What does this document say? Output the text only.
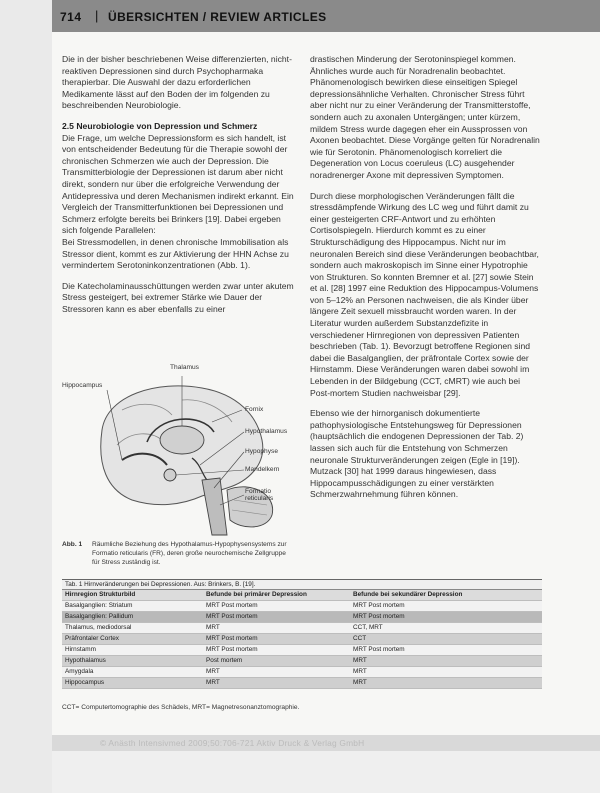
714 | ÜBERSICHTEN / REVIEW ARTICLES

Die in der bisher beschriebenen Weise differenzierten, nicht-reaktiven Depressionen sind durch Psychopharmaka therapierbar. Die Auswahl der dazu erforderlichen Medikamente lässt auf den Boden der im folgenden zu beschreibenden Neurobiologie.

2.5 Neurobiologie von Depression und Schmerz

Die Frage, um welche Depressionsform es sich handelt, ist von entscheidender Bedeutung für die Therapie sowohl der chronischen Schmerzen wie auch der Depression. Die Transmitterbiologie der Depressionen ist darum aber nicht direkt, sondern nur über die erfolgreiche Verwendung der Antidepressiva und deren Mechanismen indirekt erkannt. Ein Vergleich der Transmitterfunktionen bei Depressionen und Schmerz erfolgte bereits bei Brinkers [19]. Dabei ergeben sich folgende Parallelen:

Bei Stressmodellen, in denen chronische Immobilisation als Stressor dient, kommt es zur Aktivierung der HHN Achse zu vermindertem Serotoninkonzentrationen (Abb. 1).

Die Katecholaminausschüttungen werden zwar unter akutem Stress gesteigert, bei extremer Stärke wie Dauer der Stressoren kann es aber ebenfalls zu einer

drastischen Minderung der Serotoninspiegel kommen. Ähnliches wurde auch für Noradrenalin beobachtet. Phänomenologisch bewirken diese einseitigen Spiegel depressionsähnliche Verhalten. Chronischer Stress führt aber nicht nur zu einer Veränderung der Transmitterstoffe, sondern auch zu axonalen Untergängen; unter kürzem, mildem Stress wurde dagegen eher ein Aussprossen von Axonen beobachtet. Diese Vorgänge gelten für Noradrenalin wie für Serotonin. Phänomenologisch korreliert die Degeneration von Locus coeruleus (LC) ausgehender noradrenerger Axone mit depressiven Symptomen.

Durch diese morphologischen Veränderungen fällt die stressdämpfende Wirkung des LC weg und führt damit zu einer gesteigerten CRF-Antwort und zu erhöhten Cortisolspiegeln. Hierdurch kommt es zu einer Strukturschädigung des Hippocampus. Nicht nur im neuronalen Bereich sind diese Veränderungen beobachtbar, sondern auch makroskopisch im Sinne einer Hypotrophie von Strukturen. So konnten Bremner et al. [27] sowie Stein et al. [28] 1997 eine Reduktion des Hippocampus-Volumens von 5–12% an Personen nachweisen, die als Kinder über längere Zeit sexuell missbraucht worden waren. In der Literatur wurden außerdem Substanzdefizite in verschiedener Hirnregionen von depressiven Patienten beschrieben (Tab. 1). Bevorzugt betroffene Regionen sind dabei die Basalganglien, der präfrontale Cortex sowie der Hirnstamm. Diese Veränderungen waren dabei sowohl im Lebenden in der Bildgebung (CCT, cMRT) wie auch bei Post-mortem Studien nachweisbar [29].

Ebenso wie der hirnorganisch dokumentierte pathophysiologische Entstehungsweg für Depressionen (hauptsächlich die endogenen Depressionen der Tab. 2) lassen sich auch für die Entstehung von Schmerzen neuronale Strukturveränderungen zeigen (Egle in [19]). Mutzack [30] hat 1999 daraus hingewiesen, dass Hippocampusschädigungen zu einer verstärkten Schmerzwahrnehmung führen können.

Thalamus
Hippocampus
Fornix
Hypothalamus
Hypophyse
Mandelkern
Formatio reticularis
Abb. 1 Räumliche Beziehung des Hypothalamus-Hypophysensystems zur Formatio reticularis (FR), deren große neurochemische Zellgruppe für Stress zuständig ist.
Tab. 1 Hirnveränderungen bei Depressionen. Aus: Brinkers, B. [19].
Hirnregion Strukturbild	Befunde bei primärer Depression	Befunde bei sekundärer Depression
Basalganglien: Striatum	MRT Post mortem	MRT Post mortem
Basalganglien: Pallidum	MRT Post mortem	MRT Post mortem
Thalamus, mediodorsal	MRT	CCT, MRT
Präfrontaler Cortex	MRT Post mortem	CCT
Hirnstamm	MRT Post mortem	MRT Post mortem
Hypothalamus	Post mortem	MRT
Amygdala	MRT	MRT
Hippocampus	MRT	MRT
CCT= Computertomographie des Schädels, MRT= Magnetresonanztomographie.
© Anästh Intensivmed 2009;50:706-721 Aktiv Druck & Verlag GmbH
